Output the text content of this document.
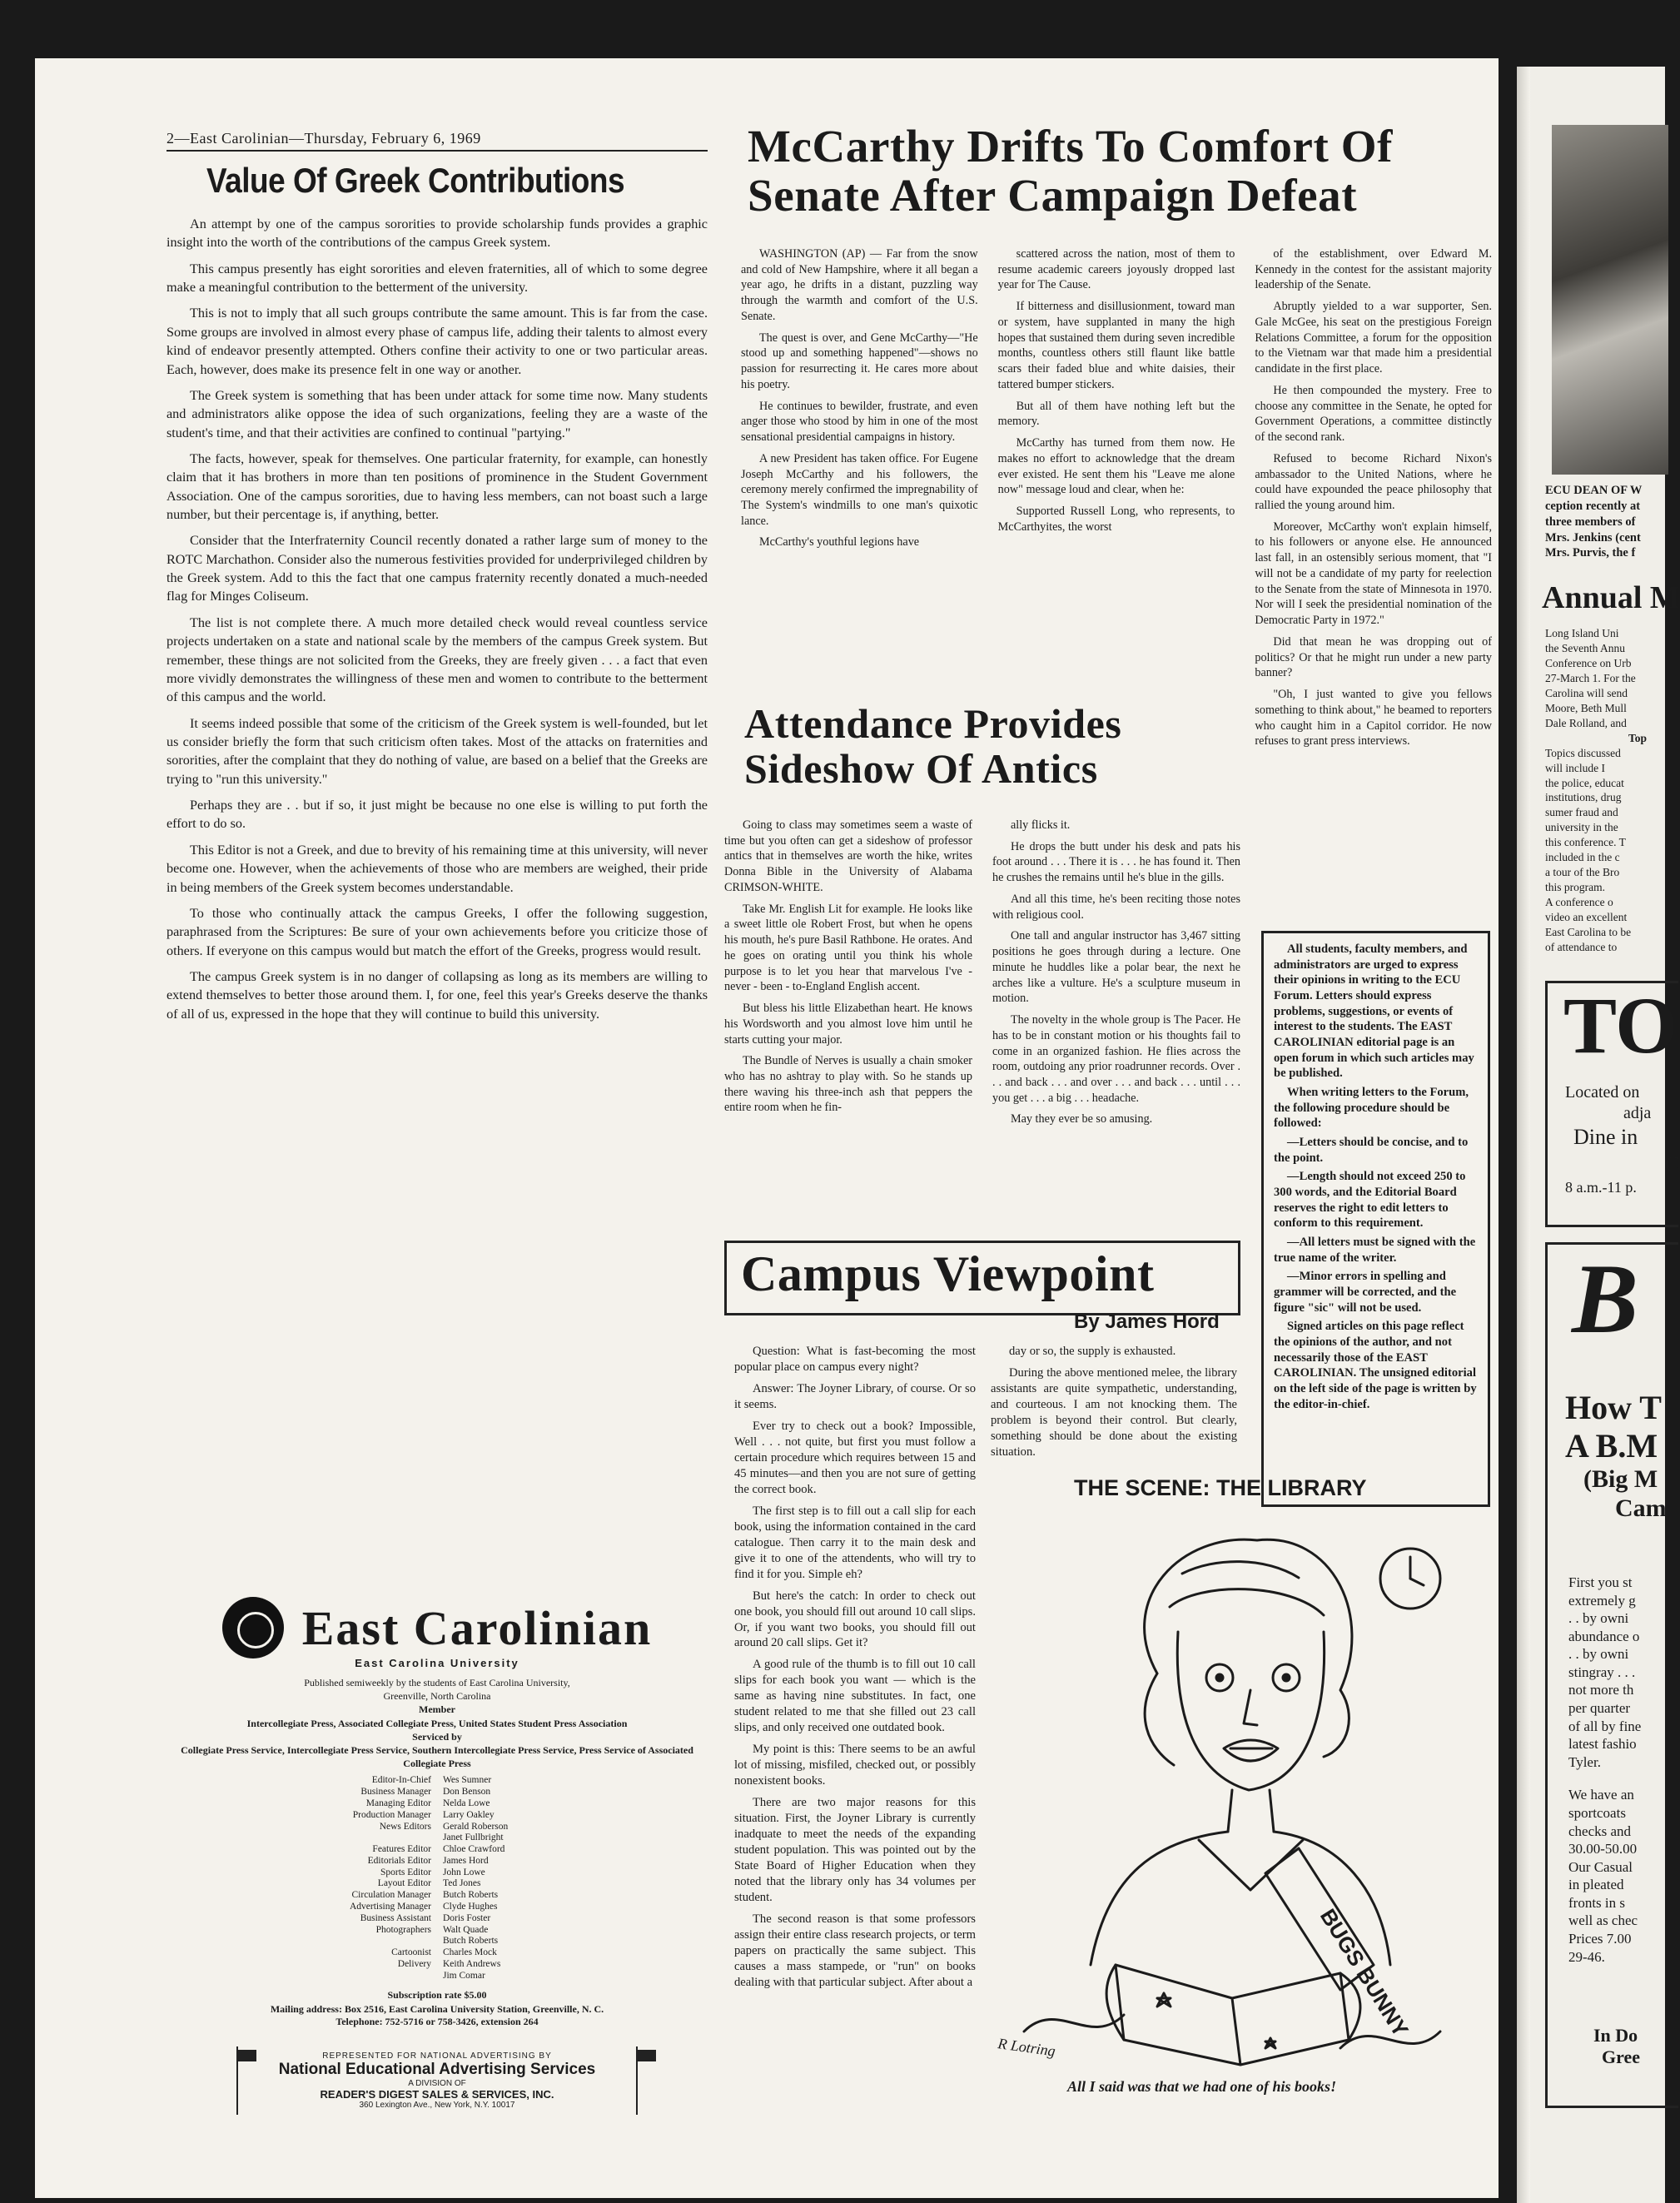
2—East Carolinian—Thursday, February 6, 1969
Value Of Greek Contributions

An attempt by one of the campus sororities to provide scholarship funds provides a graphic insight into the worth of the contributions of the campus Greek system.

This campus presently has eight sororities and eleven fraternities, all of which to some degree make a meaningful contribution to the betterment of the university.

This is not to imply that all such groups contribute the same amount. This is far from the case. Some groups are involved in almost every phase of campus life, adding their talents to almost every kind of endeavor presently attempted. Others confine their activity to one or two particular areas. Each, however, does make its presence felt in one way or another.

The Greek system is something that has been under attack for some time now. Many students and administrators alike oppose the idea of such organizations, feeling they are a waste of the student's time, and that their activities are confined to continual "partying."

The facts, however, speak for themselves. One particular fraternity, for example, can honestly claim that it has brothers in more than ten positions of prominence in the Student Government Association. One of the campus sororities, due to having less members, can not boast such a large number, but their percentage is, if anything, better.

Consider that the Interfraternity Council recently donated a rather large sum of money to the ROTC Marchathon. Consider also the numerous festivities provided for underprivileged children by the Greek system. Add to this the fact that one campus fraternity recently donated a much-needed flag for Minges Coliseum.

The list is not complete there. A much more detailed check would reveal countless service projects undertaken on a state and national scale by the members of the campus Greek system. But remember, these things are not solicited from the Greeks, they are freely given . . . a fact that even more vividly demonstrates the willingness of these men and women to contribute to the betterment of this campus and the world.

It seems indeed possible that some of the criticism of the Greek system is well-founded, but let us consider briefly the form that such criticism often takes. Most of the attacks on fraternities and sororities, after the complaint that they do nothing of value, are based on a belief that the Greeks are trying to "run this university."

Perhaps they are . . but if so, it just might be because no one else is willing to put forth the effort to do so.

This Editor is not a Greek, and due to brevity of his remaining time at this university, will never become one. However, when the achievements of those who are members are weighed, their pride in being members of the Greek system becomes understandable.

To those who continually attack the campus Greeks, I offer the following suggestion, paraphrased from the Scriptures: Be sure of your own achievements before you criticize those of others. If everyone on this campus would but match the effort of the Greeks, progress would result.

The campus Greek system is in no danger of collapsing as long as its members are willing to extend themselves to better those around them. I, for one, feel this year's Greeks deserve the thanks of all of us, expressed in the hope that they will continue to build this university.

East Carolinian
East Carolina University
Published semiweekly by the students of East Carolina University,
Greenville, North Carolina
Member
Intercollegiate Press, Associated Collegiate Press, United States Student Press Association
Serviced by
Collegiate Press Service, Intercollegiate Press Service, Southern Intercollegiate Press Service, Press Service of Associated Collegiate Press
Editor-In-Chief Wes Sumner
Business Manager Don Benson
Managing Editor Nelda Lowe
Production Manager Larry Oakley
News Editors Gerald Roberson
Janet Fullbright
Features Editor Chloe Crawford
Editorials Editor James Hord
Sports Editor John Lowe
Layout Editor Ted Jones
Circulation Manager Butch Roberts
Advertising Manager Clyde Hughes
Business Assistant Doris Foster
Photographers Walt Quade
Butch Roberts
Cartoonist Charles Mock
Delivery Keith Andrews
Jim Comar
Subscription rate $5.00
Mailing address: Box 2516, East Carolina University Station, Greenville, N. C.
Telephone: 752-5716 or 758-3426, extension 264
REPRESENTED FOR NATIONAL ADVERTISING BY
National Educational Advertising Services
A DIVISION OF
READER'S DIGEST SALES & SERVICES, INC.
360 Lexington Ave., New York, N.Y. 10017
McCarthy Drifts To Comfort Of
Senate After Campaign Defeat

WASHINGTON (AP) — Far from the snow and cold of New Hampshire, where it all began a year ago, he drifts in a distant, puzzling way through the warmth and comfort of the U.S. Senate.

The quest is over, and Gene McCarthy—"He stood up and something happened"—shows no passion for resurrecting it. He cares more about his poetry.

He continues to bewilder, frustrate, and even anger those who stood by him in one of the most sensational presidential campaigns in history.

A new President has taken office. For Eugene Joseph McCarthy and his followers, the ceremony merely confirmed the impregnability of The System's windmills to one man's quixotic lance.

McCarthy's youthful legions have

scattered across the nation, most of them to resume academic careers joyously dropped last year for The Cause.

If bitterness and disillusionment, toward man or system, have supplanted in many the high hopes that sustained them during seven incredible months, countless others still flaunt like battle scars their faded blue and white daisies, their tattered bumper stickers.

But all of them have nothing left but the memory.

McCarthy has turned from them now. He makes no effort to acknowledge that the dream ever existed. He sent them his "Leave me alone now" message loud and clear, when he:

Supported Russell Long, who represents, to McCarthyites, the worst

of the establishment, over Edward M. Kennedy in the contest for the assistant majority leadership of the Senate.

Abruptly yielded to a war supporter, Sen. Gale McGee, his seat on the prestigious Foreign Relations Committee, a forum for the opposition to the Vietnam war that made him a presidential candidate in the first place.

He then compounded the mystery. Free to choose any committee in the Senate, he opted for Government Operations, a committee distinctly of the second rank.

Refused to become Richard Nixon's ambassador to the United Nations, where he could have expounded the peace philosophy that rallied the young around him.

Moreover, McCarthy won't explain himself, to his followers or anyone else. He announced last fall, in an ostensibly serious moment, that "I will not be a candidate of my party for reelection to the Senate from the state of Minnesota in 1970. Nor will I seek the presidential nomination of the Democratic Party in 1972."

Did that mean he was dropping out of politics? Or that he might run under a new party banner?

"Oh, I just wanted to give you fellows something to think about," he beamed to reporters who caught him in a Capitol corridor. He now refuses to grant press interviews.

Attendance Provides
Sideshow Of Antics

Going to class may sometimes seem a waste of time but you often can get a sideshow of professor antics that in themselves are worth the hike, writes Donna Bible in the University of Alabama CRIMSON-WHITE.

Take Mr. English Lit for example. He looks like a sweet little ole Robert Frost, but when he opens his mouth, he's pure Basil Rathbone. He orates. And he goes on orating until you think his whole purpose is to let you hear that marvelous I've - never - been - to-England English accent.

But bless his little Elizabethan heart. He knows his Wordsworth and you almost love him until he starts cutting your major.

The Bundle of Nerves is usually a chain smoker who has no ashtray to play with. So he stands up there waving his three-inch ash that peppers the entire room when he fin-

ally flicks it.

He drops the butt under his desk and pats his foot around . . . There it is . . . he has found it. Then he crushes the remains until he's blue in the gills.

And all this time, he's been reciting those notes with religious cool.

One tall and angular instructor has 3,467 sitting positions he goes through during a lecture. One minute he huddles like a polar bear, the next he arches like a vulture. He's a sculpture museum in motion.

The novelty in the whole group is The Pacer. He has to be in constant motion or his thoughts fail to come in an organized fashion. He flies across the room, outdoing any prior roadrunner records. Over . . . and back . . . and over . . . and back . . . until . . . you get . . . a big . . . headache.

May they ever be so amusing.

All students, faculty members, and administrators are urged to express their opinions in writing to the ECU Forum. Letters should express problems, suggestions, or events of interest to the students. The EAST CAROLINIAN editorial page is an open forum in which such articles may be published.

When writing letters to the Forum, the following procedure should be followed:

—Letters should be concise, and to the point.

—Length should not exceed 250 to 300 words, and the Editorial Board reserves the right to edit letters to conform to this requirement.

—All letters must be signed with the true name of the writer.

—Minor errors in spelling and grammer will be corrected, and the figure "sic" will not be used.

Signed articles on this page reflect the opinions of the author, and not necessarily those of the EAST CAROLINIAN. The unsigned editorial on the left side of the page is written by the editor-in-chief.

Campus Viewpoint
By James Hord

Question: What is fast-becoming the most popular place on campus every night?

Answer: The Joyner Library, of course. Or so it seems.

Ever try to check out a book? Impossible, Well . . . not quite, but first you must follow a certain procedure which requires between 15 and 45 minutes—and then you are not sure of getting the correct book.

The first step is to fill out a call slip for each book, using the information contained in the card catalogue. Then carry it to the main desk and give it to one of the attendents, who will try to find it for you. Simple eh?

But here's the catch: In order to check out one book, you should fill out around 10 call slips. Or, if you want two books, you should fill out around 20 call slips. Get it?

A good rule of the thumb is to fill out 10 call slips for each book you want — which is the same as having nine substitutes. In fact, one student related to me that she filled out 23 call slips, and only received one outdated book.

My point is this: There seems to be an awful lot of missing, misfiled, checked out, or possibly nonexistent books.

There are two major reasons for this situation. First, the Joyner Library is currently inadquate to meet the needs of the expanding student population. This was pointed out by the State Board of Higher Education when they noted that the library only has 34 volumes per student.

The second reason is that some professors assign their entire class research projects, or term papers on practically the same subject. This causes a mass stampede, or "run" on books dealing with that particular subject. After about a

day or so, the supply is exhausted.

During the above mentioned melee, the library assistants are quite sympathetic, understanding, and courteous. I am not knocking them. The problem is beyond their control. But clearly, something should be done about the existing situation.

THE SCENE: THE LIBRARY
BUGS BUNNY
R Lotring
All I said was that we had one of his books!
ECU DEAN OF W
ception recently at
three members of
Mrs. Jenkins (cent
Mrs. Purvis, the f
Annual M
Long Island Uni
the Seventh Annu
Conference on Urb
27-March 1. For the
Carolina will send
Moore, Beth Mull
Dale Rolland, and
Top
Topics discussed
will include I
the police, educat
institutions, drug
sumer fraud and
university in the
this conference. T
included in the c
a tour of the Bro
this program.
A conference o
video an excellent
East Carolina to be
of attendance to
TO
Located on
adja
Dine in
C
8 a.m.-11 p.
B
How T
A B.M
(Big M
Cam
First you st
extremely g
. . by owni
abundance o
. . by owni
stingray . . .
not more th
per quarter
of all by fine
latest fashio
Tyler.
We have an
sportcoats
checks and
30.00-50.00
Our Casual
in pleated
fronts in s
well as chec
Prices 7.00
29-46.
In Do
Gree
